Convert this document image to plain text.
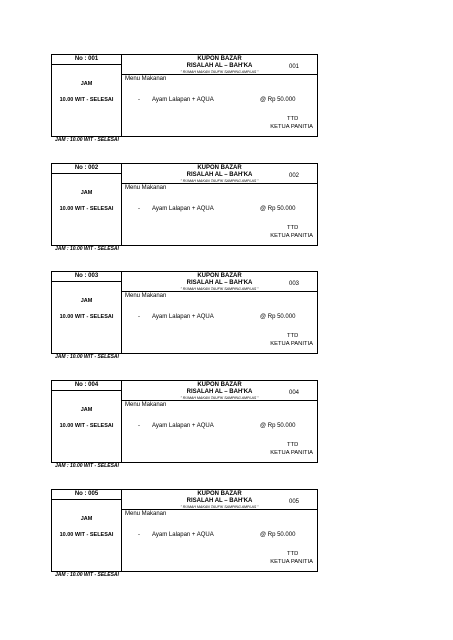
No : 001
JAM
10.00 WIT - SELESAI
KUPON BAZAR
RISALAH AL – BAH'KA	001
" RUMAH MAKAN TAUFIK SAMPING AMPLAS "
Menu Makanan
- Ayam Lalapan + AQUA	@ Rp 50.000
TTD
KETUA PANITIA
JAM : 10.00 WIT - SELESAI
No : 002
JAM
10.00 WIT - SELESAI
KUPON BAZAR
RISALAH AL – BAH'KA	002
" RUMAH MAKAN TAUFIK SAMPING AMPLAS "
Menu Makanan
- Ayam Lalapan + AQUA	@ Rp 50.000
TTD
KETUA PANITIA
JAM : 10.00 WIT - SELESAI
No : 003
JAM
10.00 WIT - SELESAI
KUPON BAZAR
RISALAH AL – BAH'KA	003
" RUMAH MAKAN TAUFIK SAMPING AMPLAS "
Menu Makanan
- Ayam Lalapan + AQUA	@ Rp 50.000
TTD
KETUA PANITIA
JAM : 10.00 WIT - SELESAI
No : 004
JAM
10.00 WIT - SELESAI
KUPON BAZAR
RISALAH AL – BAH'KA	004
" RUMAH MAKAN TAUFIK SAMPING AMPLAS "
Menu Makanan
- Ayam Lalapan + AQUA	@ Rp 50.000
TTD
KETUA PANITIA
JAM : 10.00 WIT - SELESAI
No : 005
JAM
10.00 WIT - SELESAI
KUPON BAZAR
RISALAH AL – BAH'KA	005
" RUMAH MAKAN TAUFIK SAMPING AMPLAS "
Menu Makanan
- Ayam Lalapan + AQUA	@ Rp 50.000
TTD
KETUA PANITIA
JAM : 10.00 WIT - SELESAI
